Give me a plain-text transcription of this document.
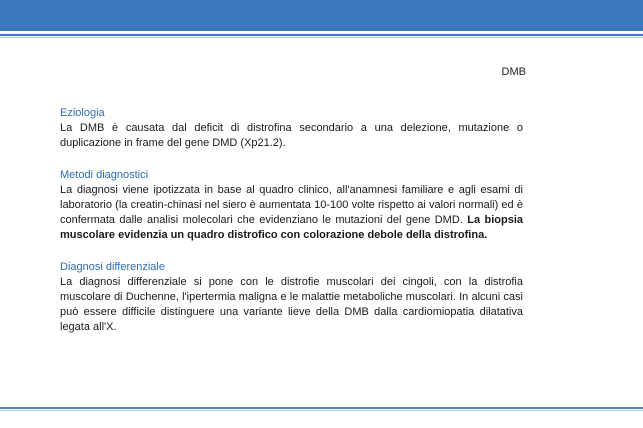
DMB

Eziologia

La DMB è causata dal deficit di distrofina secondario a una delezione, mutazione o duplicazione in frame del gene DMD (Xp21.2).

Metodi diagnostici

La diagnosi viene ipotizzata in base al quadro clinico, all'anamnesi familiare e agli esami di laboratorio (la creatin-chinasi nel siero è aumentata 10-100 volte rispetto ai valori normali) ed è confermata dalle analisi molecolari che evidenziano le mutazioni del gene DMD. La biopsia muscolare evidenzia un quadro distrofico con colorazione debole della distrofina.

Diagnosi differenziale

La diagnosi differenziale si pone con le distrofie muscolari dei cingoli, con la distrofia muscolare di Duchenne, l'ipertermia maligna e le malattie metaboliche muscolari. In alcuni casi può essere difficile distinguere una variante lieve della DMB dalla cardiomiopatia dilatativa legata all'X.
